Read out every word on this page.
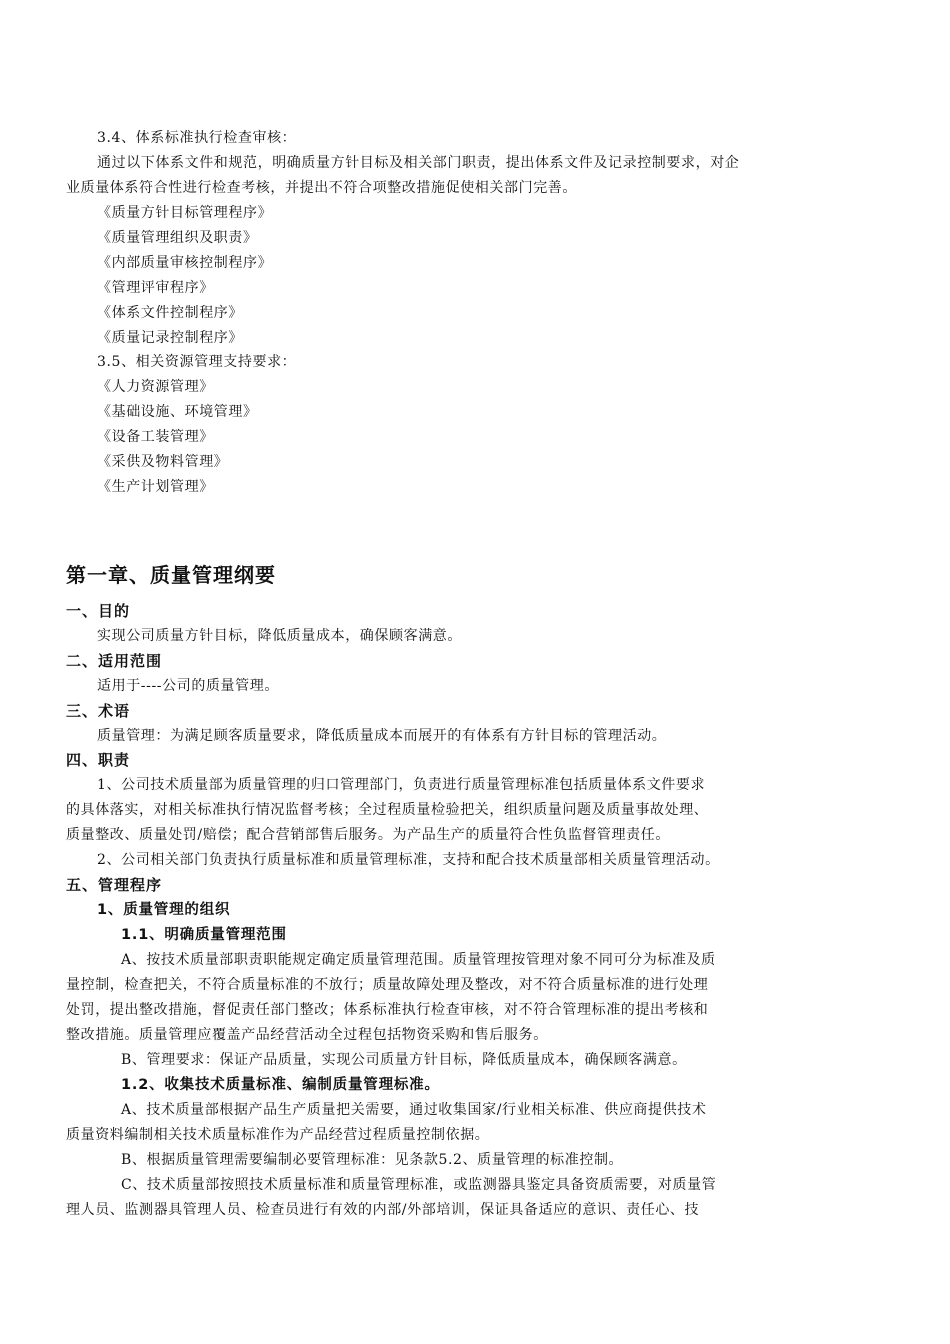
3.4、体系标准执行检查审核：
通过以下体系文件和规范，明确质量方针目标及相关部门职责，提出体系文件及记录控制要求，对企
业质量体系符合性进行检查考核，并提出不符合项整改措施促使相关部门完善。
《质量方针目标管理程序》
《质量管理组织及职责》
《内部质量审核控制程序》
《管理评审程序》
《体系文件控制程序》
《质量记录控制程序》
3.5、相关资源管理支持要求：
《人力资源管理》
《基础设施、环境管理》
《设备工装管理》
《采供及物料管理》
《生产计划管理》
第一章、质量管理纲要
一、目的
实现公司质量方针目标，降低质量成本，确保顾客满意。
二、适用范围
适用于----公司的质量管理。
三、术语
质量管理：为满足顾客质量要求，降低质量成本而展开的有体系有方针目标的管理活动。
四、职责
1、公司技术质量部为质量管理的归口管理部门，负责进行质量管理标准包括质量体系文件要求
的具体落实，对相关标准执行情况监督考核；全过程质量检验把关，组织质量问题及质量事故处理、
质量整改、质量处罚/赔偿；配合营销部售后服务。为产品生产的质量符合性负监督管理责任。
2、公司相关部门负责执行质量标准和质量管理标准，支持和配合技术质量部相关质量管理活动。
五、管理程序
1、质量管理的组织
1.1、明确质量管理范围
A、按技术质量部职责职能规定确定质量管理范围。质量管理按管理对象不同可分为标准及质
量控制，检查把关，不符合质量标准的不放行；质量故障处理及整改，对不符合质量标准的进行处理
处罚，提出整改措施，督促责任部门整改；体系标准执行检查审核，对不符合管理标准的提出考核和
整改措施。质量管理应覆盖产品经营活动全过程包括物资采购和售后服务。
B、管理要求：保证产品质量，实现公司质量方针目标，降低质量成本，确保顾客满意。
1.2、收集技术质量标准、编制质量管理标准。
A、技术质量部根据产品生产质量把关需要，通过收集国家/行业相关标准、供应商提供技术
质量资料编制相关技术质量标准作为产品经营过程质量控制依据。
B、根据质量管理需要编制必要管理标准：见条款5.2、质量管理的标准控制。
C、技术质量部按照技术质量标准和质量管理标准，或监测器具鉴定具备资质需要，对质量管
理人员、监测器具管理人员、检查员进行有效的内部/外部培训，保证具备适应的意识、责任心、技
